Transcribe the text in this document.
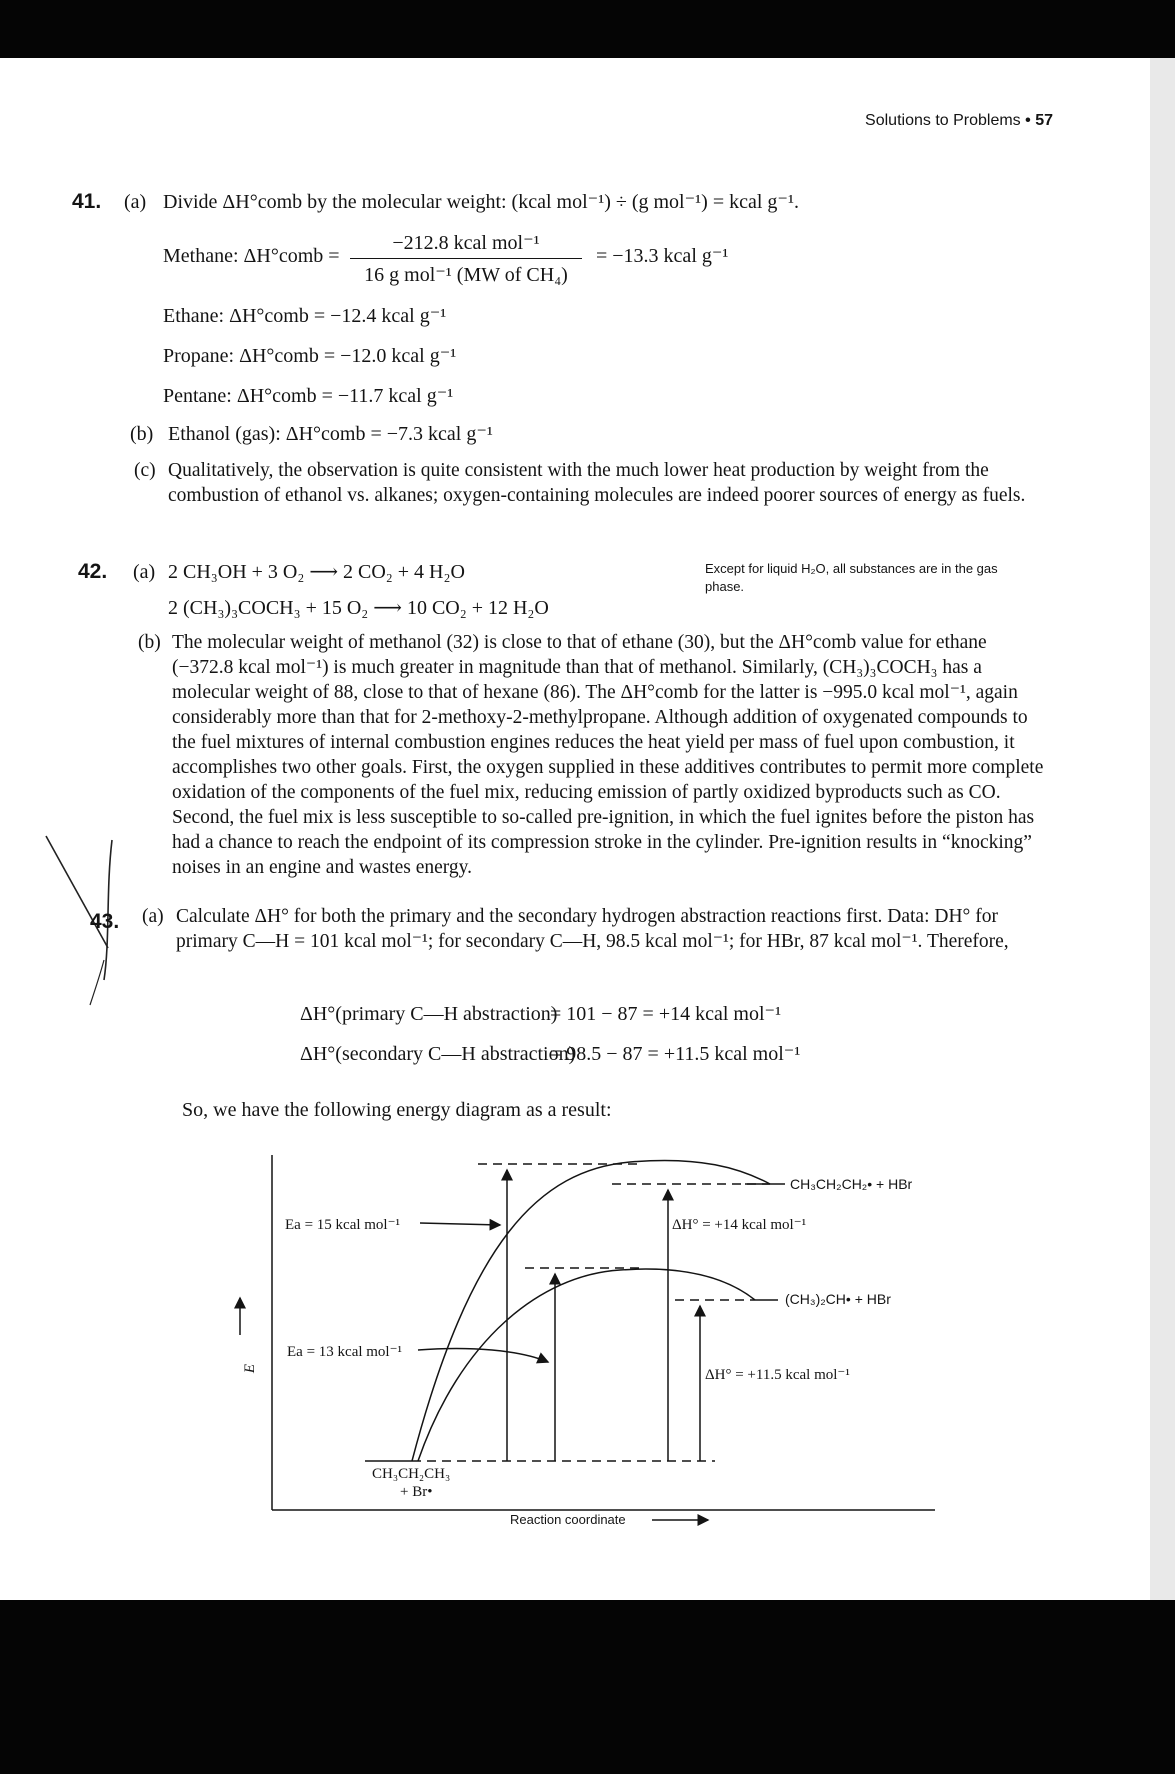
Solutions to Problems • 57
41. (a) Divide ΔH°comb by the molecular weight: (kcal mol⁻¹) ÷ (g mol⁻¹) = kcal g⁻¹.
Methane: ΔH°comb =
−212.8 kcal mol⁻¹
16 g mol⁻¹ (MW of CH₄)
= −13.3 kcal g⁻¹
Ethane: ΔH°comb = −12.4 kcal g⁻¹
Propane: ΔH°comb = −12.0 kcal g⁻¹
Pentane: ΔH°comb = −11.7 kcal g⁻¹
(b) Ethanol (gas): ΔH°comb = −7.3 kcal g⁻¹
(c) Qualitatively, the observation is quite consistent with the much lower heat production by weight from the combustion of ethanol vs. alkanes; oxygen-containing molecules are indeed poorer sources of energy as fuels.
42. (a) 2 CH₃OH + 3 O₂ ⟶ 2 CO₂ + 4 H₂O
2 (CH₃)₃COCH₃ + 15 O₂ ⟶ 10 CO₂ + 12 H₂O
Except for liquid H₂O, all substances are in the gas phase.
(b) The molecular weight of methanol (32) is close to that of ethane (30), but the ΔH°comb value for ethane (−372.8 kcal mol⁻¹) is much greater in magnitude than that of methanol. Similarly, (CH₃)₃COCH₃ has a molecular weight of 88, close to that of hexane (86). The ΔH°comb for the latter is −995.0 kcal mol⁻¹, again considerably more than that for 2-methoxy-2-methylpropane. Although addition of oxygenated compounds to the fuel mixtures of internal combustion engines reduces the heat yield per mass of fuel upon combustion, it accomplishes two other goals. First, the oxygen supplied in these additives contributes to permit more complete oxidation of the components of the fuel mix, reducing emission of partly oxidized byproducts such as CO. Second, the fuel mix is less susceptible to so-called pre-ignition, in which the fuel ignites before the piston has had a chance to reach the endpoint of its compression stroke in the cylinder. Pre-ignition results in “knocking” noises in an engine and wastes energy.
43. (a) Calculate ΔH° for both the primary and the secondary hydrogen abstraction reactions first. Data: DH° for primary C—H = 101 kcal mol⁻¹; for secondary C—H, 98.5 kcal mol⁻¹; for HBr, 87 kcal mol⁻¹. Therefore,
ΔH°(primary C—H abstraction)
= 101 − 87 = +14 kcal mol⁻¹
ΔH°(secondary C—H abstraction)
= 98.5 − 87 = +11.5 kcal mol⁻¹
So, we have the following energy diagram as a result:
Ea = 15 kcal mol⁻¹
Ea = 13 kcal mol⁻¹
ΔH° = +14 kcal mol⁻¹
ΔH° = +11.5 kcal mol⁻¹
CH₃CH₂CH₂• + HBr
(CH₃)₂CH• + HBr
CH₃CH₂CH₃
+ Br•
E
Reaction coordinate
